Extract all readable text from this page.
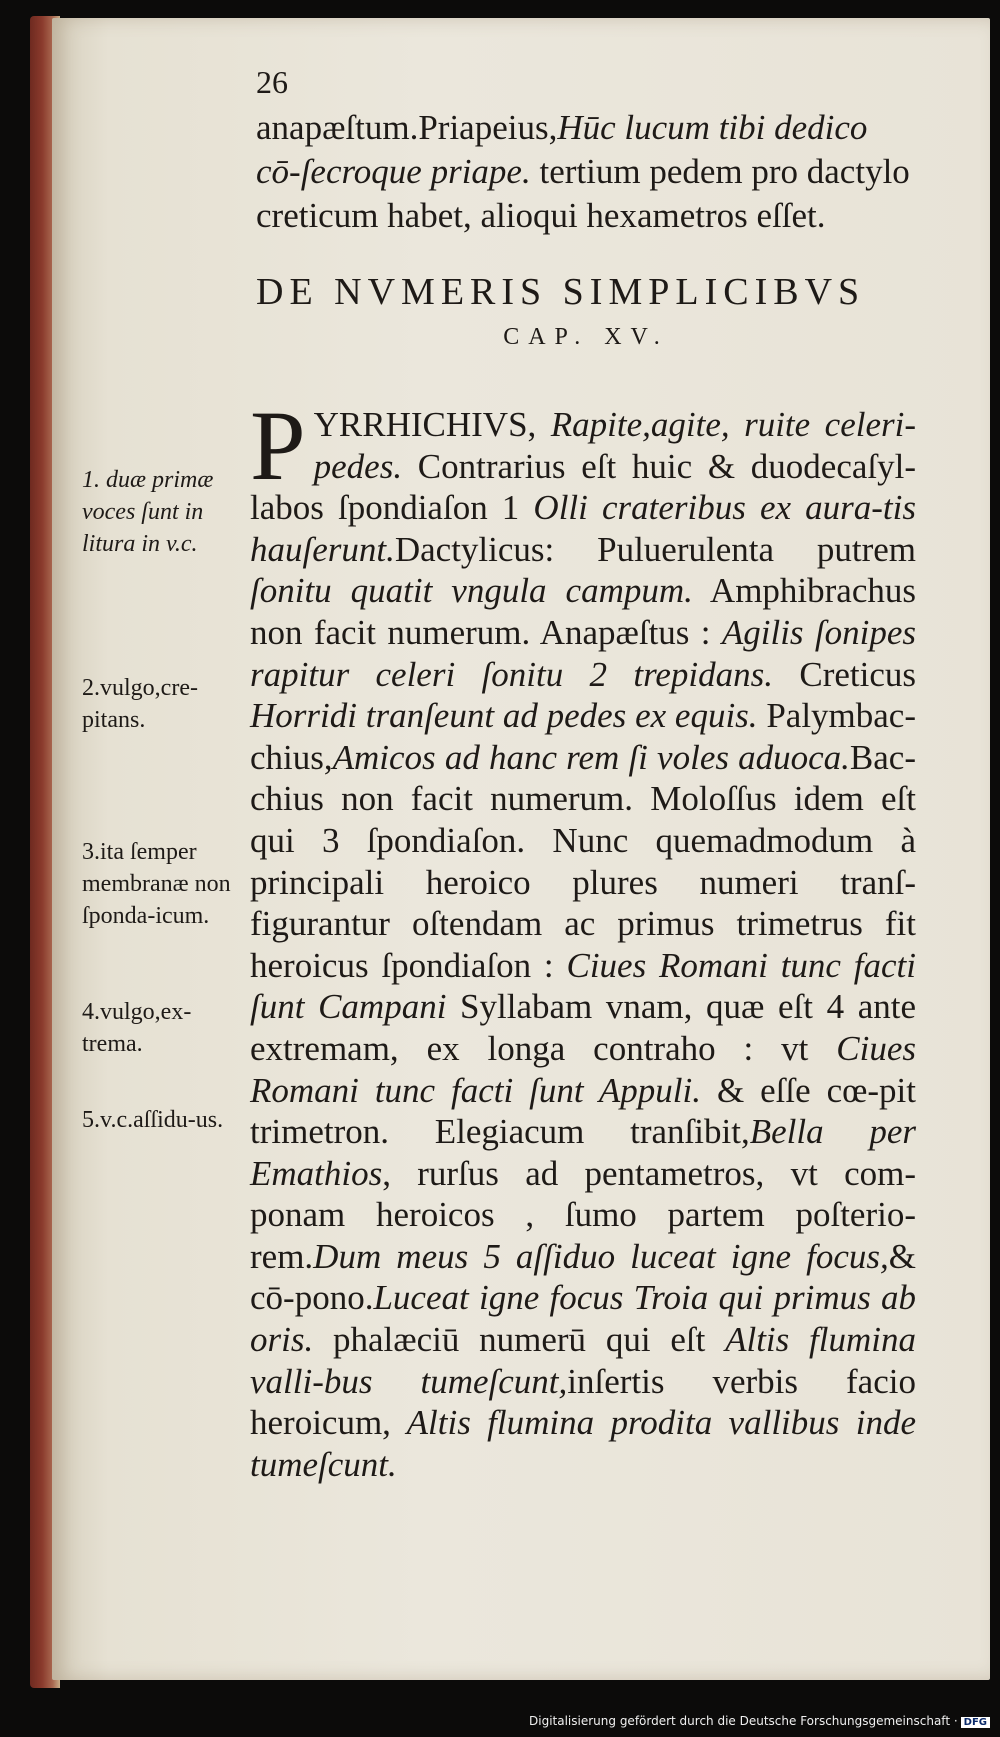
26
anapæſtum.Priapeius,Hūc lucum tibi dedico cō-ſecroque priape. tertium pedem pro dactylo creticum habet, alioqui hexametros eſſet.
DE NVMERIS SIMPLICIBVS
CAP. XV.
PYRRHICHIVS, Rapite,agite, ruite celeri-pedes. Contrarius eſt huic & duodecaſyl-labos ſpondiaſon 1 Olli crateribus ex aura-tis hauſerunt.Dactylicus: Puluerulenta putrem ſonitu quatit vngula campum. Amphibrachus non facit numerum. Anapæſtus : Agilis ſonipes rapitur celeri ſonitu 2 trepidans. Creticus Horridi tranſeunt ad pedes ex equis. Palymbac-chius,Amicos ad hanc rem ſi voles aduoca.Bac-chius non facit numerum. Moloſſus idem eſt qui 3 ſpondiaſon. Nunc quemadmodum à principali heroico plures numeri tranſ-figurantur oſtendam ac primus trimetrus fit heroicus ſpondiaſon : Ciues Romani tunc facti ſunt Campani Syllabam vnam, quæ eſt 4 ante extremam, ex longa contraho : vt Ciues Romani tunc facti ſunt Appuli. & eſſe cœ-pit trimetron. Elegiacum tranſibit,Bella per Emathios, rurſus ad pentametros, vt com-ponam heroicos , ſumo partem poſterio-rem.Dum meus 5 aſſiduo luceat igne focus,& cō-pono.Luceat igne focus Troia qui primus ab oris. phalæciū numerū qui eſt Altis flumina valli-bus tumeſcunt,inſertis verbis facio heroicum, Altis flumina prodita vallibus inde tumeſcunt.
1. duæ primæ voces ſunt in litura in v.c.
2.vulgo,cre-pitans.
3.ita ſemper membranæ non ſponda-icum.
4.vulgo,ex-trema.
5.v.c.aſſidu-us.
Digitalisierung gefördert durch die Deutsche Forschungsgemeinschaft · DFG
